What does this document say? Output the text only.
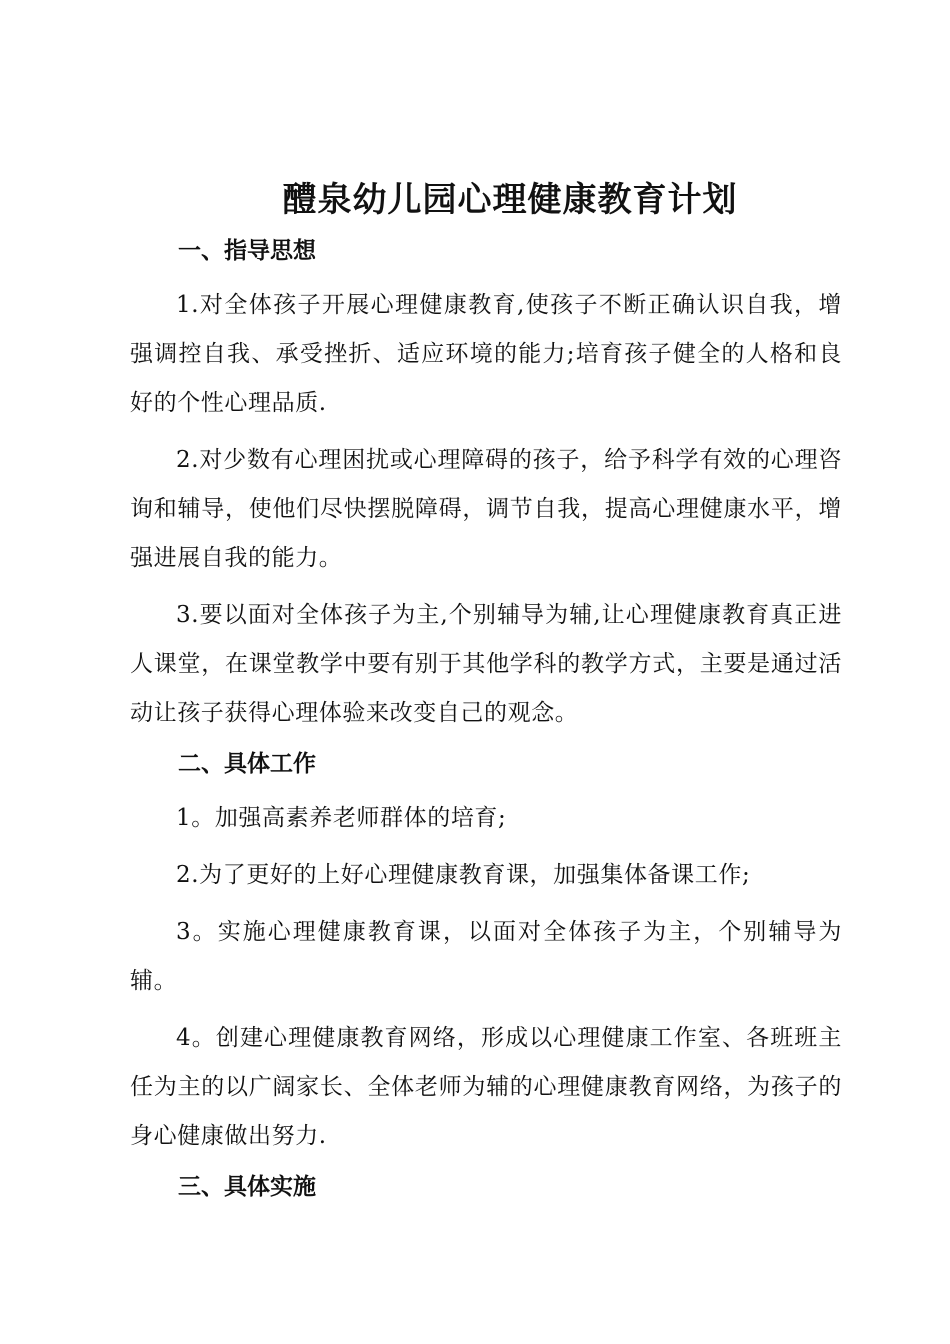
醴泉幼儿园心理健康教育计划
一、指导思想

1.对全体孩子开展心理健康教育,使孩子不断正确认识自我，增强调控自我、承受挫折、适应环境的能力;培育孩子健全的人格和良好的个性心理品质.

2.对少数有心理困扰或心理障碍的孩子，给予科学有效的心理咨询和辅导，使他们尽快摆脱障碍，调节自我，提高心理健康水平，增强进展自我的能力。

3.要以面对全体孩子为主,个别辅导为辅,让心理健康教育真正进人课堂，在课堂教学中要有别于其他学科的教学方式，主要是通过活动让孩子获得心理体验来改变自己的观念。

二、具体工作

1。加强高素养老师群体的培育;

2.为了更好的上好心理健康教育课，加强集体备课工作;

3。实施心理健康教育课，以面对全体孩子为主，个别辅导为辅。

4。创建心理健康教育网络，形成以心理健康工作室、各班班主任为主的以广阔家长、全体老师为辅的心理健康教育网络，为孩子的身心健康做出努力.

三、具体实施
